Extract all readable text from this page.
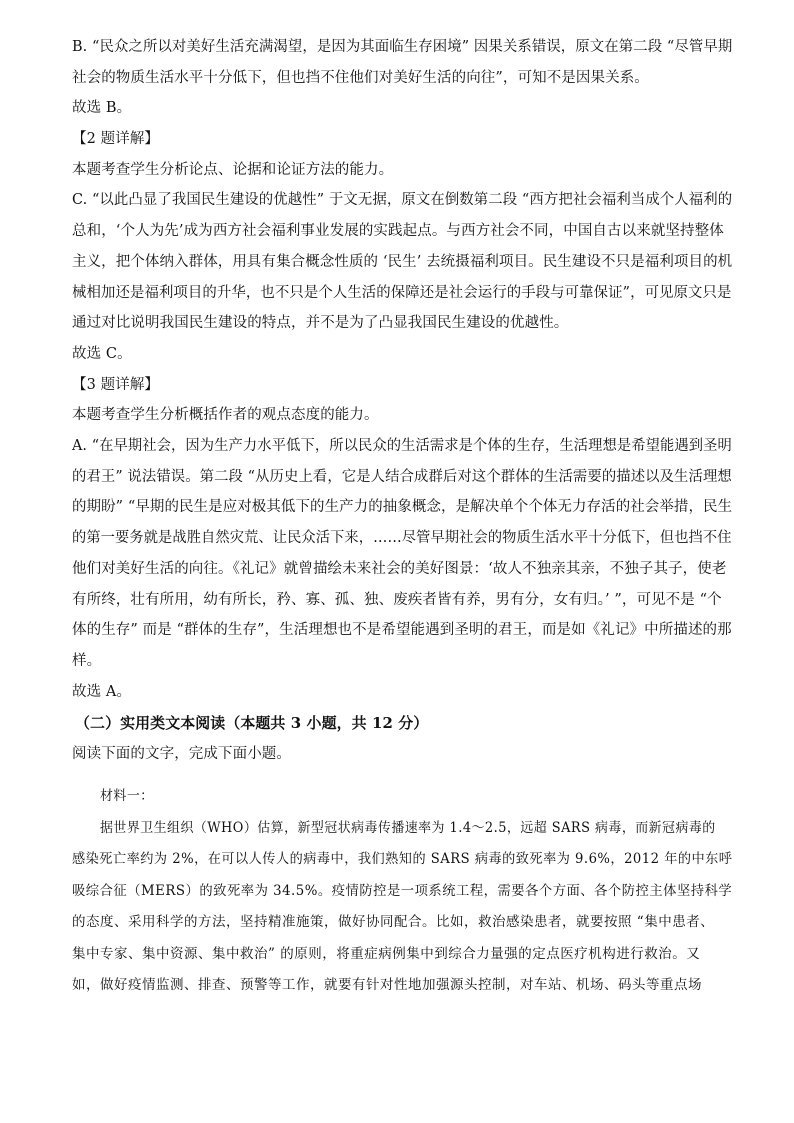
B. “民众之所以对美好生活充满渴望，是因为其面临生存困境” 因果关系错误，原文在第二段 “尽管早期
社会的物质生活水平十分低下，但也挡不住他们对美好生活的向往”，可知不是因果关系。
故选 B。
【2 题详解】
本题考查学生分析论点、论据和论证方法的能力。
C. “以此凸显了我国民生建设的优越性” 于文无据，原文在倒数第二段 “西方把社会福利当成个人福利的
总和，‘个人为先’成为西方社会福利事业发展的实践起点。与西方社会不同，中国自古以来就坚持整体
主义，把个体纳入群体，用具有集合概念性质的 ‘民生’ 去统摄福利项目。民生建设不只是福利项目的机
械相加还是福利项目的升华，也不只是个人生活的保障还是社会运行的手段与可靠保证”，可见原文只是
通过对比说明我国民生建设的特点，并不是为了凸显我国民生建设的优越性。
故选 C。
【3 题详解】
本题考查学生分析概括作者的观点态度的能力。
A. “在早期社会，因为生产力水平低下，所以民众的生活需求是个体的生存，生活理想是希望能遇到圣明
的君王” 说法错误。第二段 “从历史上看，它是人结合成群后对这个群体的生活需要的描述以及生活理想
的期盼” “早期的民生是应对极其低下的生产力的抽象概念，是解决单个个体无力存活的社会举措，民生
的第一要务就是战胜自然灾荒、让民众活下来，……尽管早期社会的物质生活水平十分低下，但也挡不住
他们对美好生活的向往。《礼记》就曾描绘未来社会的美好图景：‘故人不独亲其亲，不独子其子，使老
有所终，壮有所用，幼有所长，矜、寡、孤、独、废疾者皆有养，男有分，女有归。’ ”，可见不是 “个
体的生存” 而是 “群体的生存”，生活理想也不是希望能遇到圣明的君王，而是如《礼记》中所描述的那
样。
故选 A。
（二）实用类文本阅读（本题共 3 小题，共 12 分）
阅读下面的文字，完成下面小题。
材料一：
据世界卫生组织（WHO）估算，新型冠状病毒传播速率为 1.4～2.5，远超 SARS 病毒，而新冠病毒的
感染死亡率约为 2%，在可以人传人的病毒中，我们熟知的 SARS 病毒的致死率为 9.6%，2012 年的中东呼
吸综合征（MERS）的致死率为 34.5%。疫情防控是一项系统工程，需要各个方面、各个防控主体坚持科学
的态度、采用科学的方法，坚持精准施策，做好协同配合。比如，救治感染患者，就要按照 “集中患者、
集中专家、集中资源、集中救治” 的原则，将重症病例集中到综合力量强的定点医疗机构进行救治。又
如，做好疫情监测、排查、预警等工作，就要有针对性地加强源头控制，对车站、机场、码头等重点场
